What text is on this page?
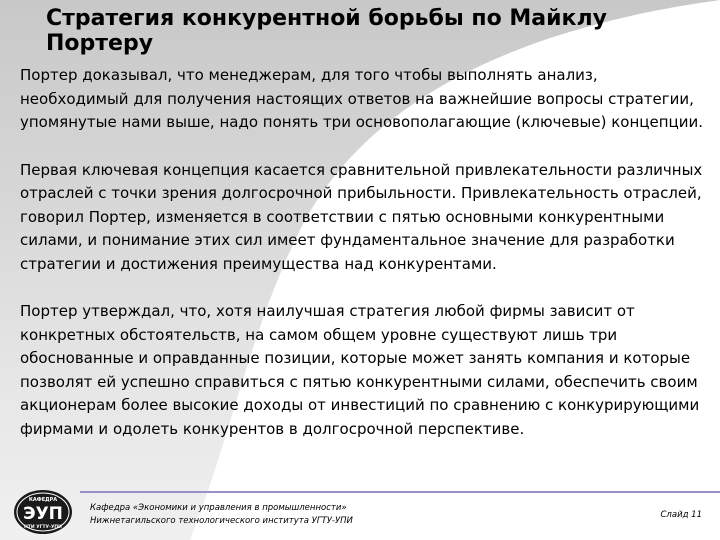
Стратегия конкурентной борьбы по Майклу Портеру

Портер доказывал, что менеджерам, для того чтобы выполнять анализ, необходимый для получения настоящих ответов на важнейшие вопросы стратегии, упомянутые нами выше, надо понять три основополагающие (ключевые) концепции.

Первая ключевая концепция касается сравнительной привлекательности различных отраслей с точки зрения долгосрочной прибыльности. Привлекательность отраслей, говорил Портер, изменяется в соответствии с пятью основными конкурентными силами, и понимание этих сил имеет фундаментальное значение для разработки стратегии и достижения преимущества над конкурентами.

Портер утверждал, что, хотя наилучшая стратегия любой фирмы зависит от конкретных обстоятельств, на самом общем уровне существуют лишь три обоснованные и оправданные позиции, которые может занять компания и которые позволят ей успешно справиться с пятью конкурентными силами, обеспечить своим акционерам более высокие доходы от инвестиций по сравнению с конкурирующими фирмами и одолеть конкурентов в долгосрочной перспективе.

КАФЕДРА
ЭУП
НТИ УГТУ-УПИ
Кафедра «Экономики и управления в промышленности»
Нижнетагильского технологического института УГТУ-УПИ
Слайд 11
